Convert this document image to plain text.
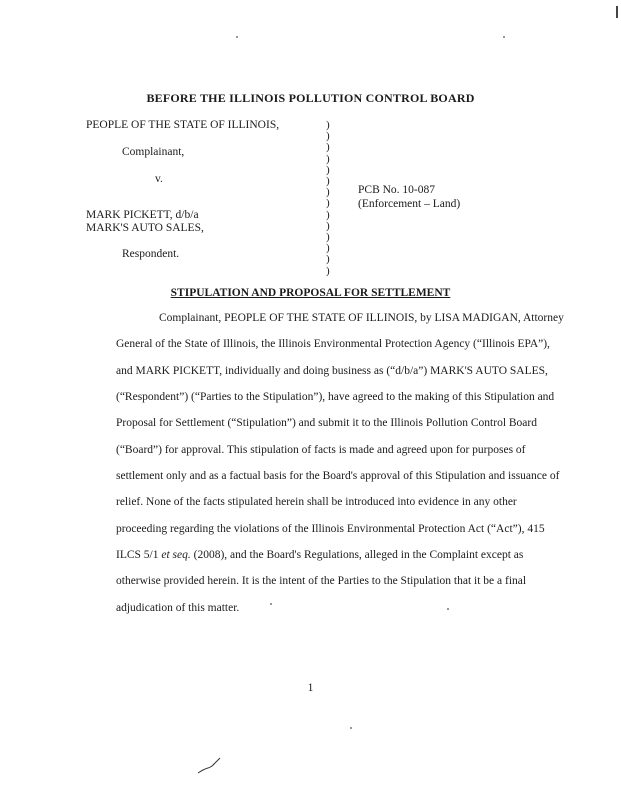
BEFORE THE ILLINOIS POLLUTION CONTROL BOARD
PEOPLE OF THE STATE OF ILLINOIS,
Complainant,
v.
PCB No. 10-087
(Enforcement – Land)
MARK PICKETT, d/b/a
MARK'S AUTO SALES,
Respondent.
)
)
)
)
)
)
)
)
)
)
)
)
)
)
STIPULATION AND PROPOSAL FOR SETTLEMENT
Complainant, PEOPLE OF THE STATE OF ILLINOIS, by LISA MADIGAN, Attorney
General of the State of Illinois, the Illinois Environmental Protection Agency (“Illinois EPA”),
and MARK PICKETT, individually and doing business as (“d/b/a”) MARK'S AUTO SALES,
(“Respondent”) (“Parties to the Stipulation”), have agreed to the making of this Stipulation and
Proposal for Settlement (“Stipulation”) and submit it to the Illinois Pollution Control Board
(“Board”) for approval. This stipulation of facts is made and agreed upon for purposes of
settlement only and as a factual basis for the Board's approval of this Stipulation and issuance of
relief. None of the facts stipulated herein shall be introduced into evidence in any other
proceeding regarding the violations of the Illinois Environmental Protection Act (“Act”), 415
ILCS 5/1 et seq. (2008), and the Board's Regulations, alleged in the Complaint except as
otherwise provided herein. It is the intent of the Parties to the Stipulation that it be a final
adjudication of this matter.
1
